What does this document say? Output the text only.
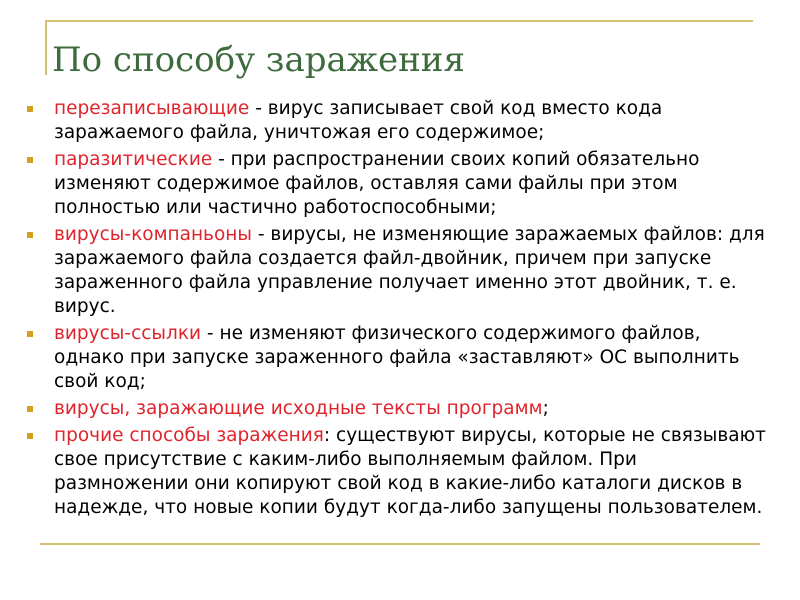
По способу заражения
перезаписывающие - вирус записывает свой код вместо кода заражаемого файла, уничтожая его содержимое;
паразитические - при распространении своих копий обязательно изменяют содержимое файлов, оставляя сами файлы при этом полностью или частично работоспособными;
вирусы-компаньоны - вирусы, не изменяющие заражаемых файлов: для заражаемого файла создается файл-двойник, причем при запуске зараженного файла управление получает именно этот двойник, т. е. вирус.
вирусы-ссылки - не изменяют физического содержимого файлов, однако при запуске зараженного файла «заставляют» ОС выполнить свой код;
вирусы, заражающие исходные тексты программ;
прочие способы заражения: существуют вирусы, которые не связывают свое присутствие с каким-либо выполняемым файлом. При размножении они копируют свой код в какие-либо каталоги дисков в надежде, что новые копии будут когда-либо запущены пользователем.
